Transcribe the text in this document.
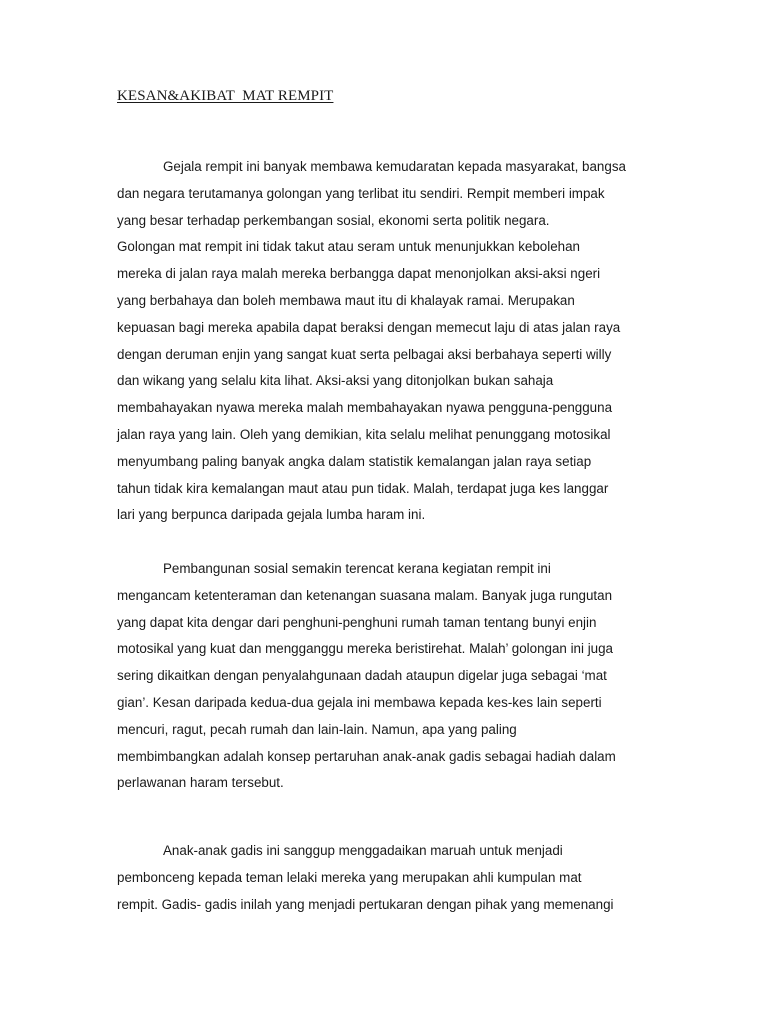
KESAN&AKIBAT  MAT REMPIT
Gejala rempit ini banyak membawa kemudaratan kepada masyarakat, bangsa
dan negara terutamanya golongan yang terlibat itu sendiri. Rempit memberi impak
yang besar terhadap perkembangan sosial, ekonomi serta politik negara.
Golongan mat rempit ini tidak takut atau seram untuk menunjukkan kebolehan
mereka di jalan raya malah mereka berbangga dapat menonjolkan aksi-aksi ngeri
yang berbahaya dan boleh membawa maut itu di khalayak ramai. Merupakan
kepuasan bagi mereka apabila dapat beraksi dengan memecut laju di atas jalan raya
dengan deruman enjin yang sangat kuat serta pelbagai aksi berbahaya seperti willy
dan wikang yang selalu kita lihat. Aksi-aksi yang ditonjolkan bukan sahaja
membahayakan nyawa mereka malah membahayakan nyawa pengguna-pengguna
jalan raya yang lain. Oleh yang demikian, kita selalu melihat penunggang motosikal
menyumbang paling banyak angka dalam statistik kemalangan jalan raya setiap
tahun tidak kira kemalangan maut atau pun tidak. Malah, terdapat juga kes langgar
lari yang berpunca daripada gejala lumba haram ini.
Pembangunan sosial semakin terencat kerana kegiatan rempit ini
mengancam ketenteraman dan ketenangan suasana malam. Banyak juga rungutan
yang dapat kita dengar dari penghuni-penghuni rumah taman tentang bunyi enjin
motosikal yang kuat dan mengganggu mereka beristirehat. Malah’ golongan ini juga
sering dikaitkan dengan penyalahgunaan dadah ataupun digelar juga sebagai ‘mat
gian’. Kesan daripada kedua-dua gejala ini membawa kepada kes-kes lain seperti
mencuri, ragut, pecah rumah dan lain-lain. Namun, apa yang paling
membimbangkan adalah konsep pertaruhan anak-anak gadis sebagai hadiah dalam
perlawanan haram tersebut.
Anak-anak gadis ini sanggup menggadaikan maruah untuk menjadi
pembonceng kepada teman lelaki mereka yang merupakan ahli kumpulan mat
rempit. Gadis- gadis inilah yang menjadi pertukaran dengan pihak yang memenangi
